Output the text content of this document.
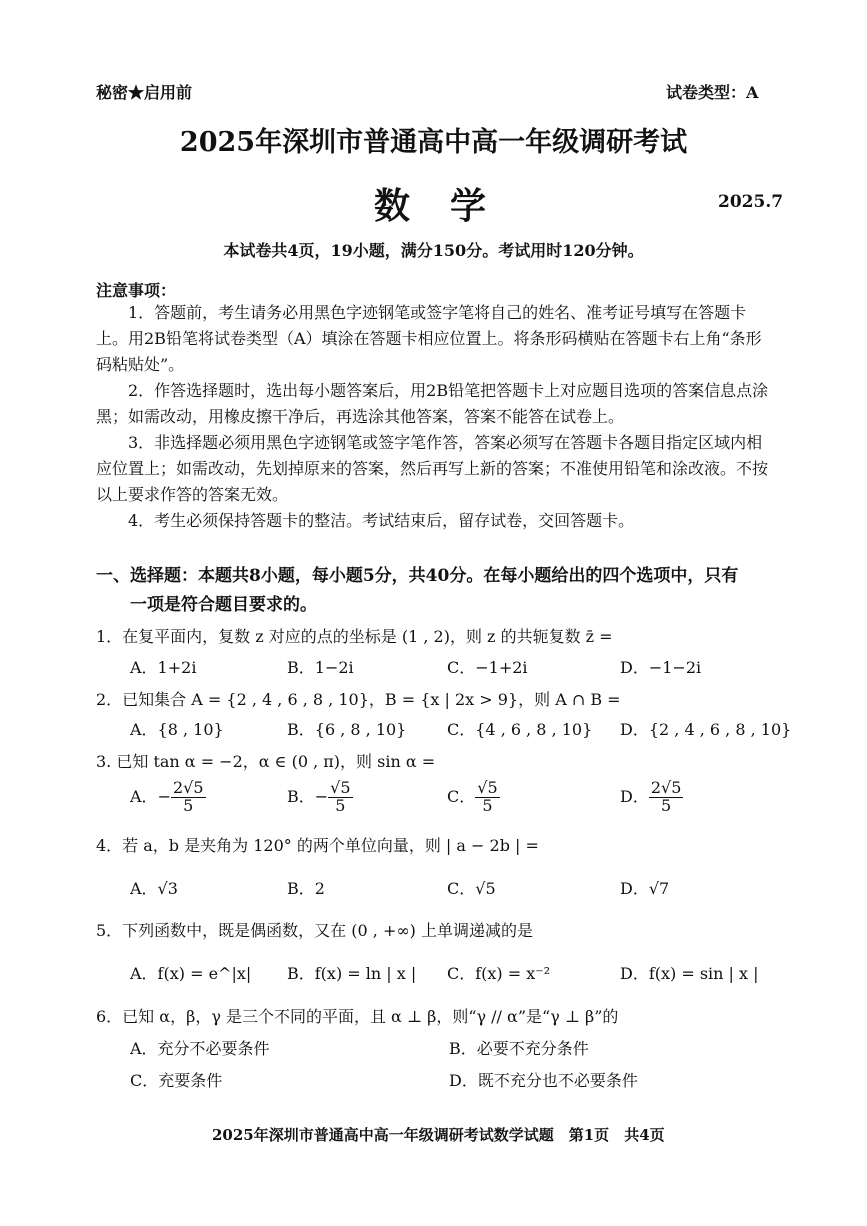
秘密★启用前	试卷类型：A
2025年深圳市普通高中高一年级调研考试
数学	2025.7
本试卷共4页，19小题，满分150分。考试用时120分钟。
注意事项：
1．答题前，考生请务必用黑色字迹钢笔或签字笔将自己的姓名、准考证号填写在答题卡上。用2B铅笔将试卷类型（A）填涂在答题卡相应位置上。将条形码横贴在答题卡右上角“条形码粘贴处”。
2．作答选择题时，选出每小题答案后，用2B铅笔把答题卡上对应题目选项的答案信息点涂黑；如需改动，用橡皮擦干净后，再选涂其他答案，答案不能答在试卷上。
3．非选择题必须用黑色字迹钢笔或签字笔作答，答案必须写在答题卡各题目指定区域内相应位置上；如需改动，先划掉原来的答案，然后再写上新的答案；不准使用铅笔和涂改液。不按以上要求作答的答案无效。
4．考生必须保持答题卡的整洁。考试结束后，留存试卷，交回答题卡。
一、选择题：本题共8小题，每小题5分，共40分。在每小题给出的四个选项中，只有
一项是符合题目要求的。
1．在复平面内，复数 z 对应的点的坐标是 (1 , 2)，则 z 的共轭复数 z̄ =
A．1+2i	B．1−2i	C．−1+2i	D．−1−2i
2．已知集合 A = {2 , 4 , 6 , 8 , 10}，B = {x | 2x > 9}，则 A ∩ B =
A．{8 , 10}	B．{6 , 8 , 10}	C．{4 , 6 , 8 , 10} D．{2 , 4 , 6 , 8 , 10}
3. 已知 tan α = −2，α ∈ (0 , π)，则 sin α =
A．− $\frac{2√5}{5}$	B．− $\frac{√5}{5}$	C． $\frac{√5}{5}$	D． $\frac{2√5}{5}$
4．若 a，b 是夹角为 120° 的两个单位向量，则 | a − 2b | =
A．√3	B．2	C．√5	D．√7
5．下列函数中，既是偶函数，又在 (0 , +∞) 上单调递减的是
A．f(x) = e^|x| B．f(x) = ln | x | C．f(x) = x⁻²	D．f(x) = sin | x |
6．已知 α，β，γ 是三个不同的平面，且 α ⊥ β，则“γ // α”是“γ ⊥ β”的
A．充分不必要条件	B．必要不充分条件
C．充要条件	D．既不充分也不必要条件
2025年深圳市普通高中高一年级调研考试数学试题　第1页　共4页
